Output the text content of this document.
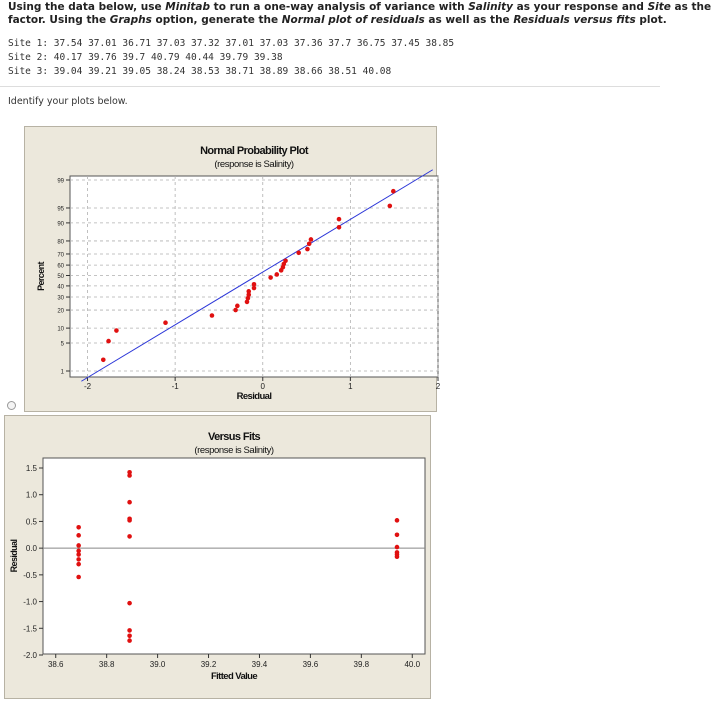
Using the data below, use Minitab to run a one-way analysis of variance with Salinity as your response and Site as the
factor. Using the Graphs option, generate the Normal plot of residuals as well as the Residuals versus fits plot.
Site 1: 37.54 37.01 36.71 37.03 37.32 37.01 37.03 37.36 37.7 36.75 37.45 38.85
Site 2: 40.17 39.76 39.7 40.79 40.44 39.79 39.38
Site 3: 39.04 39.21 39.05 38.24 38.53 38.71 38.89 38.66 38.51 40.08
Identify your plots below.
Normal Probability Plot
(response is Salinity)
1
5
10
20
30
40
50
60
70
80
90
95
99
-2	-1	0	1	2
Residual
Percent
Versus Fits
(response is Salinity)
-2.0
-1.5
-1.0
-0.5
0.0
0.5
1.0
1.5
38.6	38.8	39.0	39.2	39.4	39.6	39.8	40.0
Fitted Value
Residual
